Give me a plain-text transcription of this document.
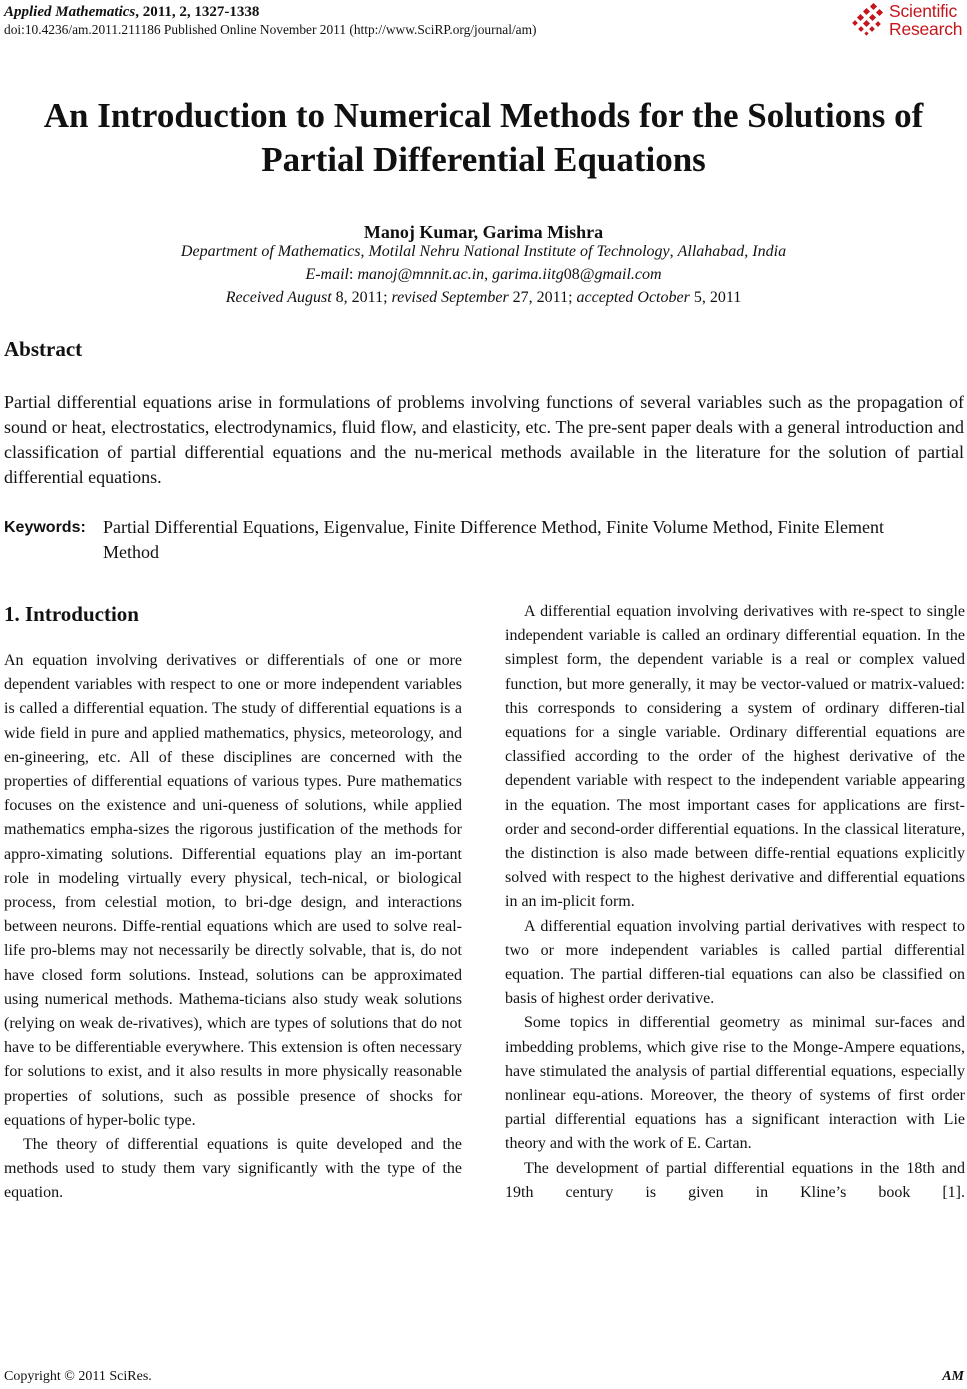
Applied Mathematics, 2011, 2, 1327-1338
doi:10.4236/am.2011.211186 Published Online November 2011 (http://www.SciRP.org/journal/am)
Scientific
Research
An Introduction to Numerical Methods for the Solutions of
Partial Differential Equations
Manoj Kumar, Garima Mishra
Department of Mathematics, Motilal Nehru National Institute of Technology, Allahabad, India
E-mail: manoj@mnnit.ac.in, garima.iitg08@gmail.com
Received August 8, 2011; revised September 27, 2011; accepted October 5, 2011
Abstract
Partial differential equations arise in formulations of problems involving functions of several variables such as the propagation of sound or heat, electrostatics, electrodynamics, fluid flow, and elasticity, etc. The pre-sent paper deals with a general introduction and classification of partial differential equations and the nu-merical methods available in the literature for the solution of partial differential equations.
Keywords: Partial Differential Equations, Eigenvalue, Finite Difference Method, Finite Volume Method, Finite Element Method
1. Introduction

An equation involving derivatives or differentials of one or more dependent variables with respect to one or more independent variables is called a differential equation. The study of differential equations is a wide field in pure and applied mathematics, physics, meteorology, and en-gineering, etc. All of these disciplines are concerned with the properties of differential equations of various types. Pure mathematics focuses on the existence and uni-queness of solutions, while applied mathematics empha-sizes the rigorous justification of the methods for appro-ximating solutions. Differential equations play an im-portant role in modeling virtually every physical, tech-nical, or biological process, from celestial motion, to bri-dge design, and interactions between neurons. Diffe-rential equations which are used to solve real-life pro-blems may not necessarily be directly solvable, that is, do not have closed form solutions. Instead, solutions can be approximated using numerical methods. Mathema-ticians also study weak solutions (relying on weak de-rivatives), which are types of solutions that do not have to be differentiable everywhere. This extension is often necessary for solutions to exist, and it also results in more physically reasonable properties of solutions, such as possible presence of shocks for equations of hyper-bolic type.

The theory of differential equations is quite developed and the methods used to study them vary significantly with the type of the equation.

A differential equation involving derivatives with re-spect to single independent variable is called an ordinary differential equation. In the simplest form, the dependent variable is a real or complex valued function, but more generally, it may be vector-valued or matrix-valued: this corresponds to considering a system of ordinary differen-tial equations for a single variable. Ordinary differential equations are classified according to the order of the highest derivative of the dependent variable with respect to the independent variable appearing in the equation. The most important cases for applications are first-order and second-order differential equations. In the classical literature, the distinction is also made between diffe-rential equations explicitly solved with respect to the highest derivative and differential equations in an im-plicit form.

A differential equation involving partial derivatives with respect to two or more independent variables is called partial differential equation. The partial differen-tial equations can also be classified on basis of highest order derivative.

Some topics in differential geometry as minimal sur-faces and imbedding problems, which give rise to the Monge-Ampere equations, have stimulated the analysis of partial differential equations, especially nonlinear equ-ations. Moreover, the theory of systems of first order partial differential equations has a significant interaction with Lie theory and with the work of E. Cartan.

The development of partial differential equations in the 18th and 19th century is given in Kline’s book [1].

Copyright © 2011 SciRes.	AM
